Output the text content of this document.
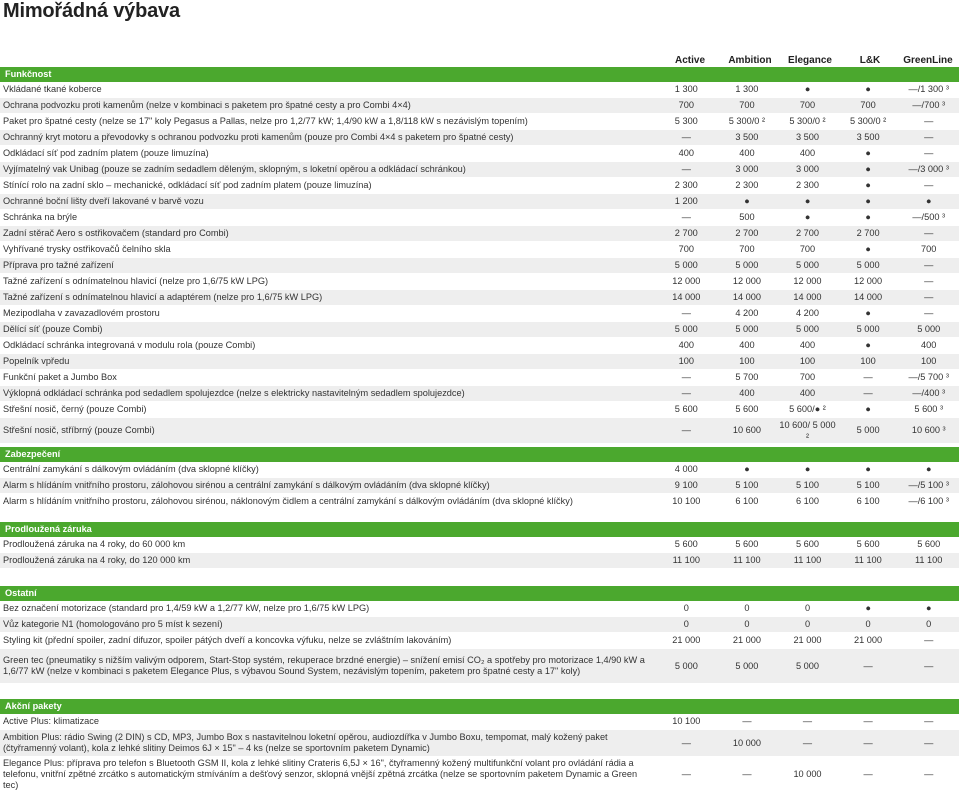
Mimořádná výbava
Active	Ambition	Elegance	L&K	GreenLine
Funkčnost					
Vkládané tkané koberce	1 300	1 300	●	●	—/1 300 ³
Ochrana podvozku proti kamenům (nelze v kombinaci s paketem pro špatné cesty a pro Combi 4×4)	700	700	700	700	—/700 ³
Paket pro špatné cesty (nelze se 17" koly Pegasus a Pallas, nelze pro 1,2/77 kW; 1,4/90 kW a 1,8/118 kW s nezávislým topením)	5 300	5 300/0 ²	5 300/0 ²	5 300/0 ²	—
Ochranný kryt motoru a převodovky s ochranou podvozku proti kamenům (pouze pro Combi 4×4 s paketem pro špatné cesty)	—	3 500	3 500	3 500	—
Odkládací síť pod zadním platem (pouze limuzína)	400	400	400	●	—
Vyjímatelný vak Unibag (pouze se zadním sedadlem děleným, sklopným, s loketní opěrou a odkládací schránkou)	—	3 000	3 000	●	—/3 000 ³
Stínící rolo na zadní sklo – mechanické, odkládací síť pod zadním platem (pouze limuzína)	2 300	2 300	2 300	●	—
Ochranné boční lišty dveří lakované v barvě vozu	1 200	●	●	●	●
Schránka na brýle	—	500	●	●	—/500 ³
Zadní stěrač Aero s ostřikovačem (standard pro Combi)	2 700	2 700	2 700	2 700	—
Vyhřívané trysky ostřikovačů čelního skla	700	700	700	●	700
Příprava pro tažné zařízení	5 000	5 000	5 000	5 000	—
Tažné zařízení s odnímatelnou hlavicí (nelze pro 1,6/75 kW LPG)	12 000	12 000	12 000	12 000	—
Tažné zařízení s odnímatelnou hlavicí a adaptérem (nelze pro 1,6/75 kW LPG)	14 000	14 000	14 000	14 000	—
Mezipodlaha v zavazadlovém prostoru	—	4 200	4 200	●	—
Dělící síť (pouze Combi)	5 000	5 000	5 000	5 000	5 000
Odkládací schránka integrovaná v modulu rola (pouze Combi)	400	400	400	●	400
Popelník vpředu	100	100	100	100	100
Funkční paket a Jumbo Box	—	5 700	700	—	—/5 700 ³
Výklopná odkládací schránka pod sedadlem spolujezdce (nelze s elektricky nastavitelným sedadlem spolujezdce)	—	400	400	—	—/400 ³
Střešní nosič, černý (pouze Combi)	5 600	5 600	5 600/● ²	●	5 600 ³
Střešní nosič, stříbrný (pouze Combi)	—	10 600	10 600/ 5 000 ²	5 000	10 600 ³
Zabezpečení					
Centrální zamykání s dálkovým ovládáním (dva sklopné klíčky)	4 000	●	●	●	●
Alarm s hlídáním vnitřního prostoru, zálohovou sirénou a centrální zamykání s dálkovým ovládáním (dva sklopné klíčky)	9 100	5 100	5 100	5 100	—/5 100 ³
Alarm s hlídáním vnitřního prostoru, zálohovou sirénou, náklonovým čidlem a centrální zamykání s dálkovým ovládáním (dva sklopné klíčky)	10 100	6 100	6 100	6 100	—/6 100 ³
Prodloužená záruka					
Prodloužená záruka na 4 roky, do 60 000 km	5 600	5 600	5 600	5 600	5 600
Prodloužená záruka na 4 roky, do 120 000 km	11 100	11 100	11 100	11 100	11 100
Ostatní					
Bez označení motorizace (standard pro 1,4/59 kW a 1,2/77 kW, nelze pro 1,6/75 kW LPG)	0	0	0	●	●
Vůz kategorie N1 (homologováno pro 5 míst k sezení)	0	0	0	0	0
Styling kit (přední spoiler, zadní difuzor, spoiler pátých dveří a koncovka výfuku, nelze se zvláštním lakováním)	21 000	21 000	21 000	21 000	—
Green tec (pneumatiky s nižším valivým odporem, Start-Stop systém, rekuperace brzdné energie) – snížení emisí CO₂ a spotřeby pro motorizace 1,4/90 kW a 1,6/77 kW (nelze v kombinaci s paketem Elegance Plus, s výbavou Sound System, nezávislým topením, paketem pro špatné cesty a 17" koly)	5 000	5 000	5 000	—	—
Akční pakety					
Active Plus: klimatizace	10 100	—	—	—	—
Ambition Plus: rádio Swing (2 DIN) s CD, MP3, Jumbo Box s nastavitelnou loketní opěrou, audiozdířka v Jumbo Boxu, tempomat, malý kožený paket (čtyřramenný volant), kola z lehké slitiny Deimos 6J × 15" – 4 ks (nelze se sportovním paketem Dynamic)	—	10 000	—	—	—
Elegance Plus: příprava pro telefon s Bluetooth GSM II, kola z lehké slitiny Crateris 6,5J × 16", čtyřramenný kožený multifunkční volant pro ovládání rádia a telefonu, vnitřní zpětné zrcátko s automatickým stmíváním a dešťový senzor, sklopná vnější zpětná zrcátka (nelze se sportovním paketem Dynamic a Green tec)	—	—	10 000	—	—
